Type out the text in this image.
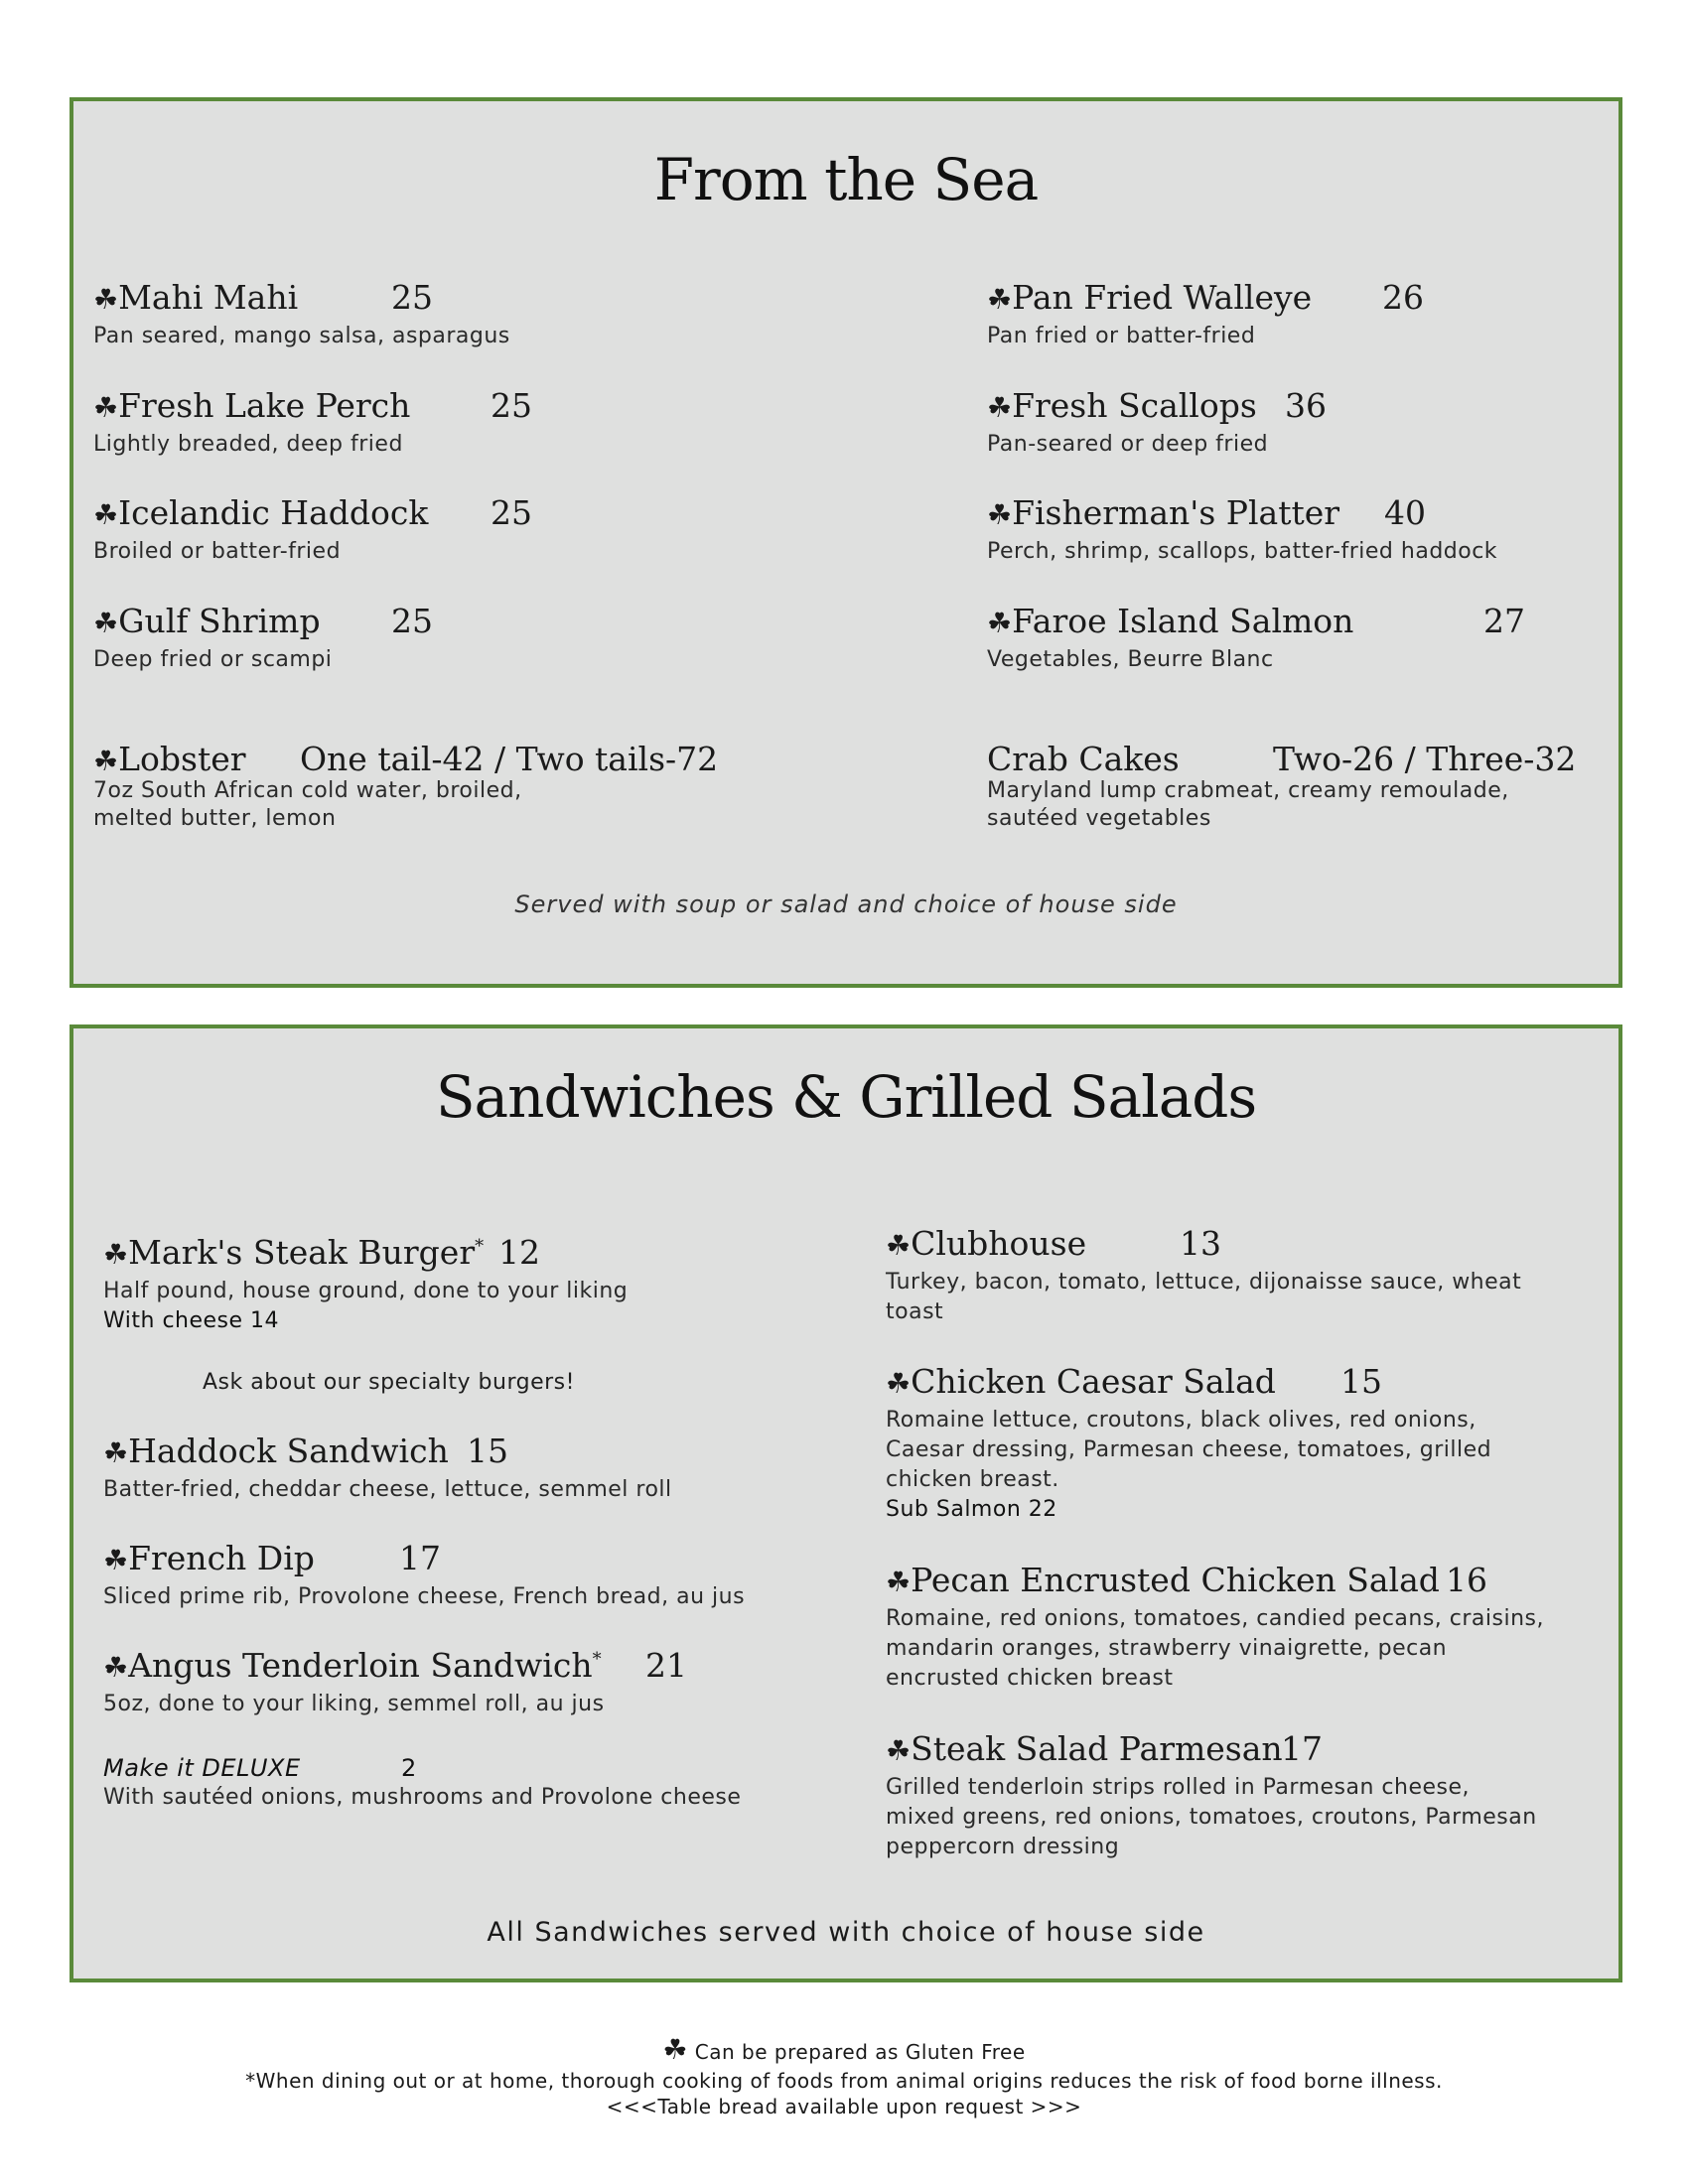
From the Sea
☘Mahi Mahi	25
Pan seared, mango salsa, asparagus
☘Pan Fried Walleye 26
Pan fried or batter-fried
☘Fresh Lake Perch 25
Lightly breaded, deep fried
☘Fresh Scallops 36
Pan-seared or deep fried
☘Icelandic Haddock 25
Broiled or batter-fried
☘Fisherman's Platter 40
Perch, shrimp, scallops, batter-fried haddock
☘Gulf Shrimp 25
Deep fried or scampi
☘Faroe Island Salmon	27
Vegetables, Beurre Blanc
☘Lobster One tail-42 / Two tails-72
7oz South African cold water, broiled,
melted butter, lemon
Crab Cakes	Two-26 / Three-32
Maryland lump crabmeat, creamy remoulade,
sautéed vegetables
Served with soup or salad and choice of house side
Sandwiches & Grilled Salads
☘Mark's Steak Burger* 12
Half pound, house ground, done to your liking
With cheese 14
Ask about our specialty burgers!
☘Haddock Sandwich 15
Batter-fried, cheddar cheese, lettuce, semmel roll
☘French Dip	17
Sliced prime rib, Provolone cheese, French bread, au jus
☘Angus Tenderloin Sandwich* 21
5oz, done to your liking, semmel roll, au jus
Make it DELUXE	2
With sautéed onions, mushrooms and Provolone cheese
☘Clubhouse	13
Turkey, bacon, tomato, lettuce, dijonaisse sauce, wheat
toast
☘Chicken Caesar Salad 15
Romaine lettuce, croutons, black olives, red onions,
Caesar dressing, Parmesan cheese, tomatoes, grilled
chicken breast.
Sub Salmon 22
☘Pecan Encrusted Chicken Salad 16
Romaine, red onions, tomatoes, candied pecans, craisins,
mandarin oranges, strawberry vinaigrette, pecan
encrusted chicken breast
☘Steak Salad Parmesan
17
Grilled tenderloin strips rolled in Parmesan cheese,
mixed greens, red onions, tomatoes, croutons, Parmesan
peppercorn dressing
All Sandwiches served with choice of house side
☘ Can be prepared as Gluten Free
*When dining out or at home, thorough cooking of foods from animal origins reduces the risk of food borne illness.
<<<Table bread available upon request >>>
